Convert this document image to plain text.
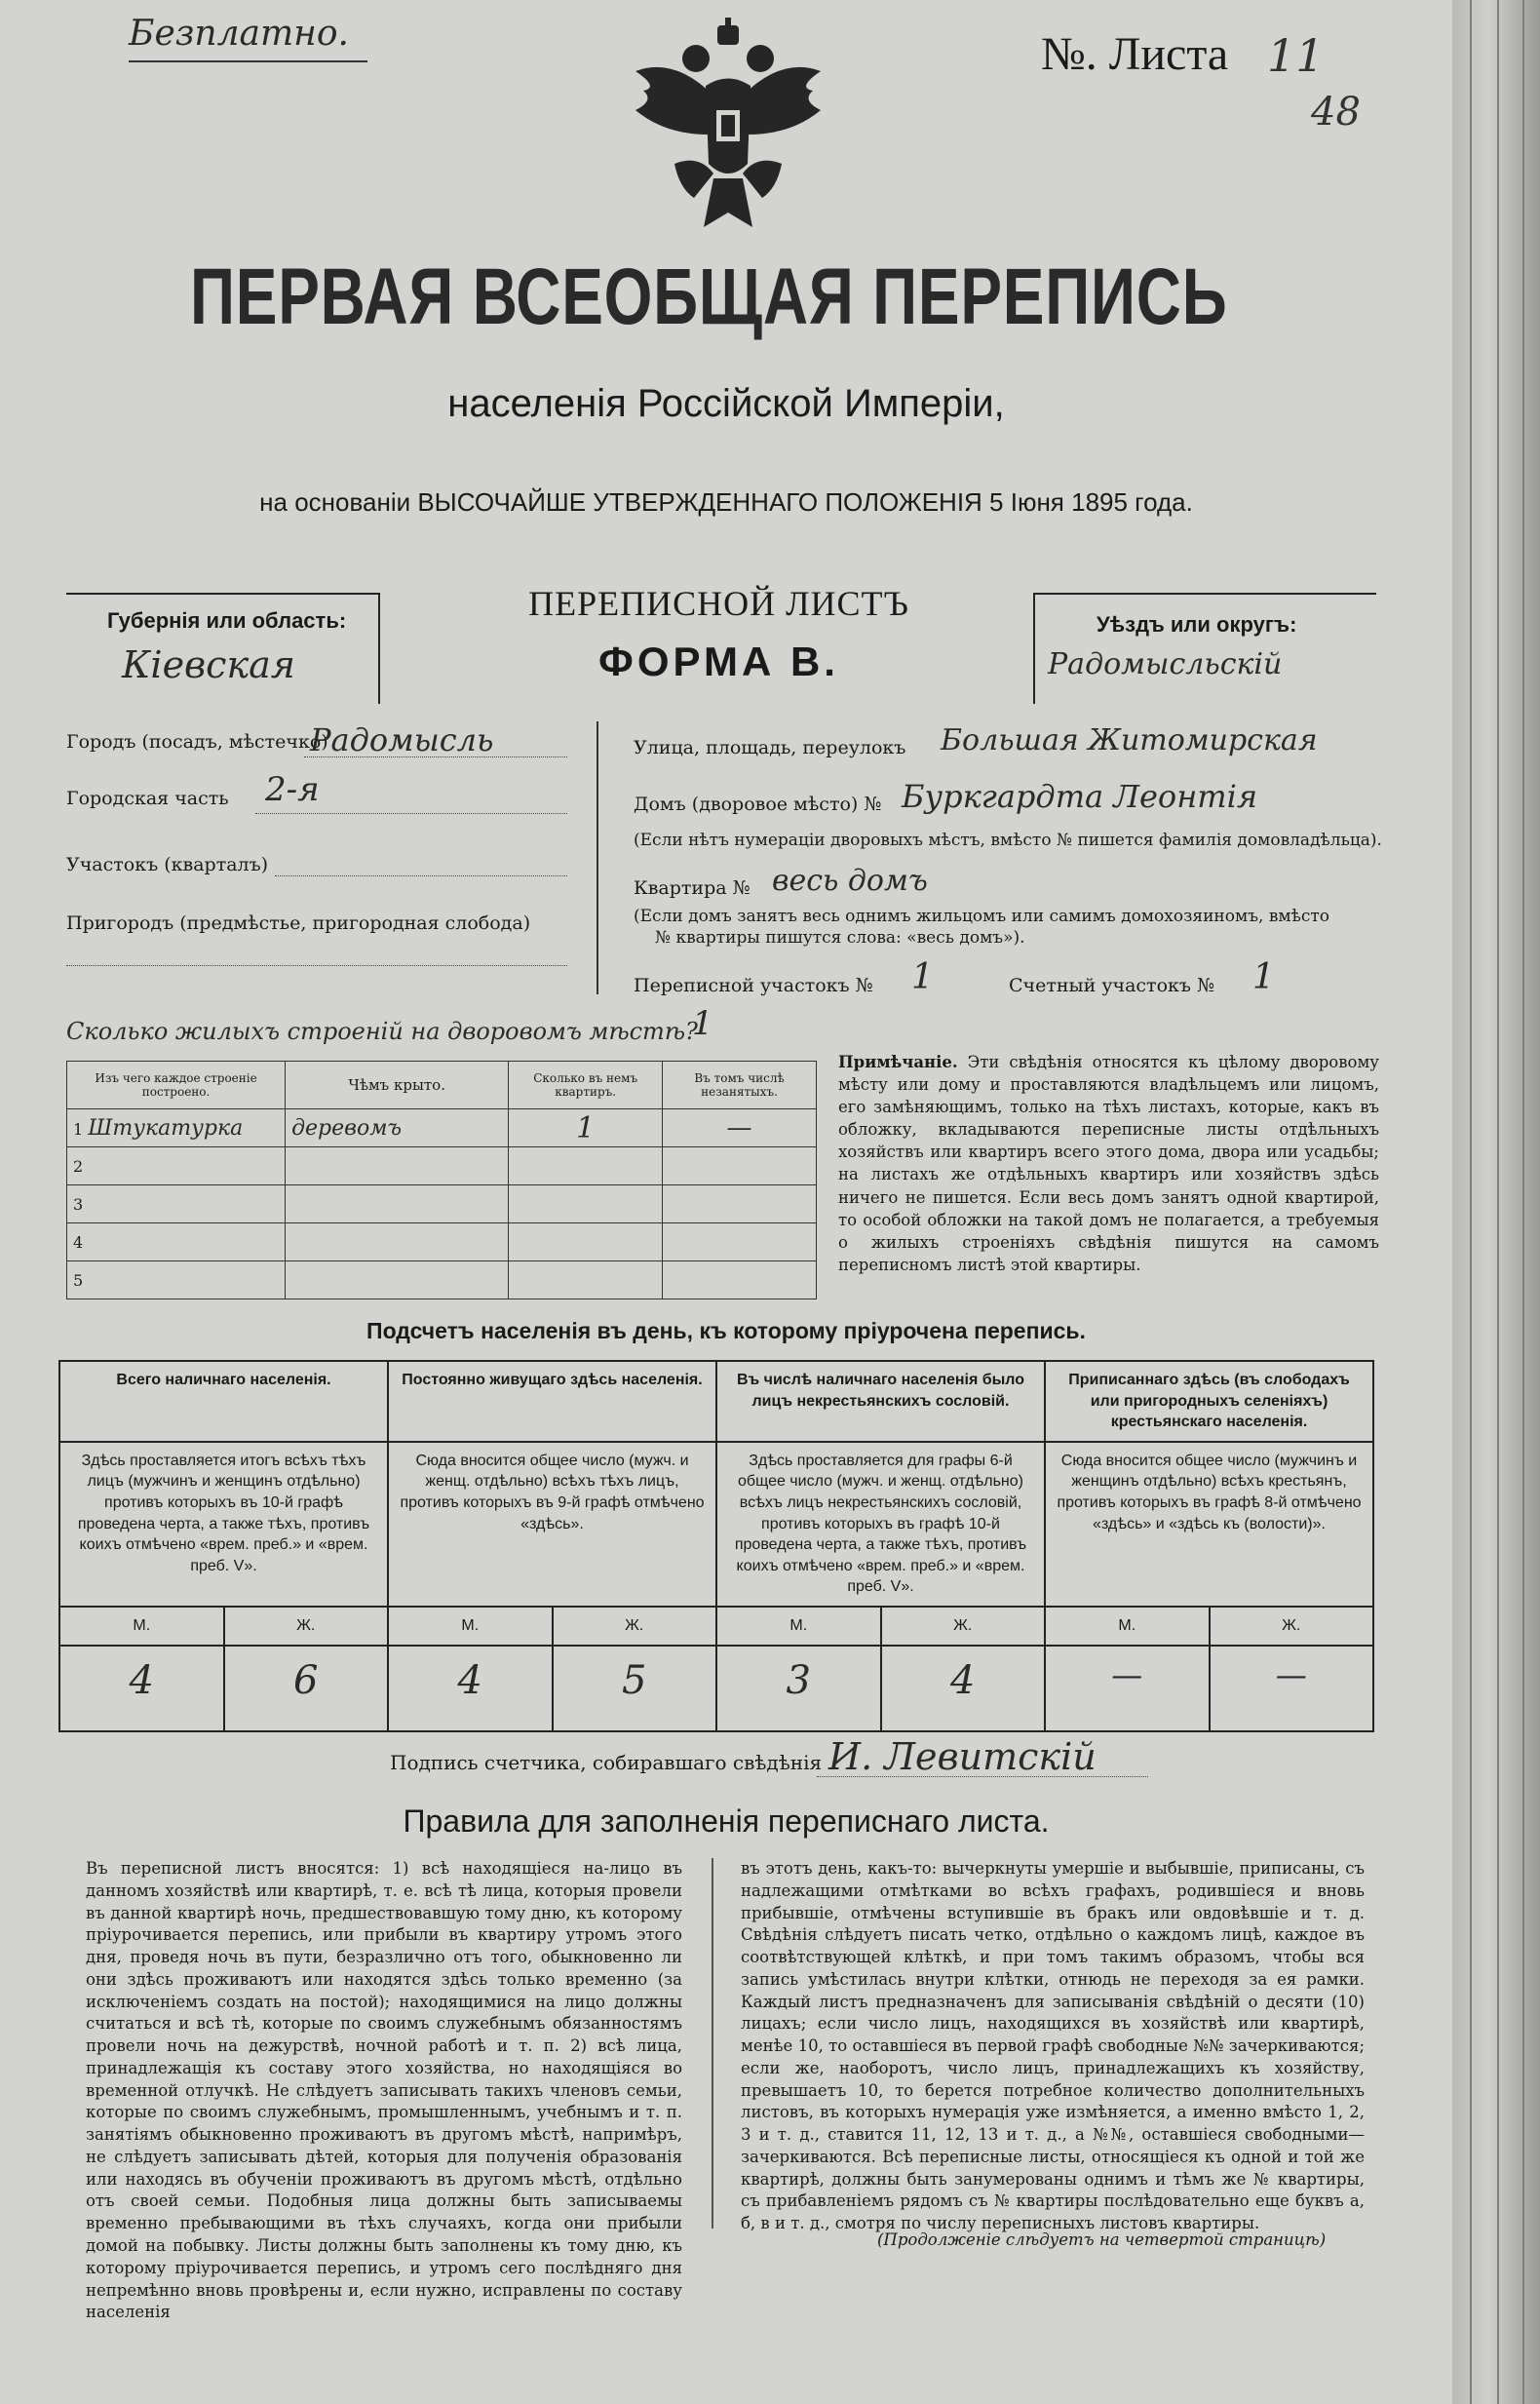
Безплатно.	№. Листа 11
48
ПЕРВАЯ ВСЕОБЩАЯ ПЕРЕПИСЬ
населенія Россійской Имперіи,
на основаніи ВЫСОЧАЙШЕ УТВЕРЖДЕННАГО ПОЛОЖЕНІЯ 5 Іюня 1895 года.
Губернія или область:
Кіевская
ПЕРЕПИСНОЙ ЛИСТЪ
ФОРМА В.
Уѣздъ или округъ:
Радомысльскій
Городъ (посадъ, мѣстечко)
Радомысль
Городская часть 2-я
Участокъ (кварталъ)
Пригородъ (предмѣстье, пригородная слобода)
Улица, площадь, переулокъ Большая Житомирская
Домъ (дворовое мѣсто) № Буркгардта Леонтія
(Если нѣтъ нумераціи дворовыхъ мѣстъ, вмѣсто № пишется фамилія домовладѣльца).
Квартира № весь домъ
(Если домъ занятъ весь однимъ жильцомъ или самимъ домохозяиномъ, вмѣсто
№ квартиры пишутся слова: «весь домъ»).
Переписной участокъ № 1	Счетный участокъ № 1
Сколько жилыхъ строеній на дворовомъ мѣстѣ?
1
Изъ чего каждое строеніе построено.	Чѣмъ крыто.	Сколько въ немъ квартиръ.	Въ томъ числѣ незанятыхъ.
1 Штукатурка	деревомъ	1	—
2			
3			
4			
5			
Примѣчаніе. Эти свѣдѣнія относятся къ цѣлому дворовому мѣсту или дому и проставляются владѣльцемъ или лицомъ, его замѣняющимъ, только на тѣхъ листахъ, которые, какъ въ обложку, вкладываются переписные листы отдѣльныхъ хозяйствъ или квартиръ всего этого дома, двора или усадьбы; на листахъ же отдѣльныхъ квартиръ или хозяйствъ здѣсь ничего не пишется. Если весь домъ занятъ одной квартирой, то особой обложки на такой домъ не полагается, а требуемыя о жилыхъ строеніяхъ свѣдѣнія пишутся на самомъ переписномъ листѣ этой квартиры.
Подсчетъ населенія въ день, къ которому пріурочена перепись.
Всего наличнаго населенія.		Постоянно живущаго здѣсь населенія.		Въ числѣ наличнаго населенія было лицъ некрестьянскихъ сословій.		Приписаннаго здѣсь (въ слободахъ или пригородныхъ селеніяхъ) крестьянскаго населенія.	
Здѣсь проставляется итогъ всѣхъ тѣхъ лицъ (мужчинъ и женщинъ отдѣльно) противъ которыхъ въ 10-й графѣ проведена черта, а также тѣхъ, противъ коихъ отмѣчено «врем. преб.» и «врем. преб. V».		Сюда вносится общее число (мужч. и женщ. отдѣльно) всѣхъ тѣхъ лицъ, противъ которыхъ въ 9-й графѣ отмѣчено «здѣсь».		Здѣсь проставляется для графы 6-й общее число (мужч. и женщ. отдѣльно) всѣхъ лицъ некрестьянскихъ сословій, противъ которыхъ въ графѣ 10-й проведена черта, а также тѣхъ, противъ коихъ отмѣчено «врем. преб.» и «врем. преб. V».		Сюда вносится общее число (мужчинъ и женщинъ отдѣльно) всѣхъ крестьянъ, противъ которыхъ въ графѣ 8-й отмѣчено «здѣсь» и «здѣсь къ (волости)».	
М.	Ж.	М.	Ж.	М.	Ж.	М.	Ж.
4	6	4	5	3	4	—	—
Подпись счетчика, собиравшаго свѣдѣнія И. Левитскій
Правила для заполненія переписнаго листа.
Въ переписной листъ вносятся: 1) всѣ находящіеся на-лицо въ данномъ хозяйствѣ или квартирѣ, т. е. всѣ тѣ лица, которыя провели въ данной квартирѣ ночь, предшествовавшую тому дню, къ которому пріурочивается перепись, или прибыли въ квартиру утромъ этого дня, проведя ночь въ пути, безразлично отъ того, обыкновенно ли они здѣсь проживаютъ или находятся здѣсь только временно (за исключеніемъ создать на постой); находящимися на лицо должны считаться и всѣ тѣ, которые по своимъ служебнымъ обязанностямъ провели ночь на дежурствѣ, ночной работѣ и т. п. 2) всѣ лица, принадлежащія къ составу этого хозяйства, но находящіяся во временной отлучкѣ. Не слѣдуетъ записывать такихъ членовъ семьи, которые по своимъ служебнымъ, промышленнымъ, учебнымъ и т. п. занятіямъ обыкновенно проживаютъ въ другомъ мѣстѣ, напримѣръ, не слѣдуетъ записывать дѣтей, которыя для полученія образованія или находясь въ обученіи проживаютъ въ другомъ мѣстѣ, отдѣльно отъ своей семьи. Подобныя лица должны быть записываемы временно пребывающими въ тѣхъ случаяхъ, когда они прибыли домой на побывку. Листы должны быть заполнены къ тому дню, къ которому пріурочивается перепись, и утромъ сего послѣдняго дня непремѣнно вновь провѣрены и, если нужно, исправлены по составу населенія
въ этотъ день, какъ-то: вычеркнуты умершіе и выбывшіе, приписаны, съ надлежащими отмѣтками во всѣхъ графахъ, родившіеся и вновь прибывшіе, отмѣчены вступившіе въ бракъ или овдовѣвшіе и т. д. Свѣдѣнія слѣдуетъ писать четко, отдѣльно о каждомъ лицѣ, каждое въ соотвѣтствующей клѣткѣ, и при томъ такимъ образомъ, чтобы вся запись умѣстилась внутри клѣтки, отнюдь не переходя за ея рамки. Каждый листъ предназначенъ для записыванія свѣдѣній о десяти (10) лицахъ; если число лицъ, находящихся въ хозяйствѣ или квартирѣ, менѣе 10, то оставшіеся въ первой графѣ свободные №№ зачеркиваются; если же, наоборотъ, число лицъ, принадлежащихъ къ хозяйству, превышаетъ 10, то берется потребное количество дополнительныхъ листовъ, въ которыхъ нумерація уже измѣняется, а именно вмѣсто 1, 2, 3 и т. д., ставится 11, 12, 13 и т. д., а №№, оставшіеся свободными—зачеркиваются. Всѣ переписные листы, относящіеся къ одной и той же квартирѣ, должны быть занумерованы однимъ и тѣмъ же № квартиры, съ прибавленіемъ рядомъ съ № квартиры послѣдовательно еще буквъ а, б, в и т. д., смотря по числу переписныхъ листовъ квартиры.
(Продолженіе слѣдуетъ на четвертой страницѣ)
